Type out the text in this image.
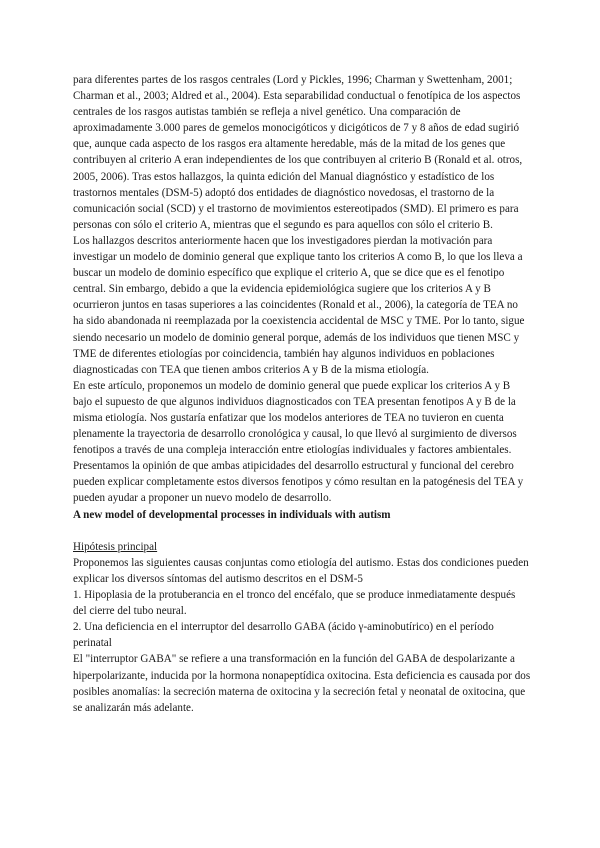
para diferentes partes de los rasgos centrales (Lord y Pickles, 1996; Charman y Swettenham, 2001; Charman et al., 2003; Aldred et al., 2004). Esta separabilidad conductual o fenotípica de los aspectos centrales de los rasgos autistas también se refleja a nivel genético. Una comparación de aproximadamente 3.000 pares de gemelos monocigóticos y dicigóticos de 7 y 8 años de edad sugirió que, aunque cada aspecto de los rasgos era altamente heredable, más de la mitad de los genes que contribuyen al criterio A eran independientes de los que contribuyen al criterio B (Ronald et al. otros, 2005, 2006). Tras estos hallazgos, la quinta edición del Manual diagnóstico y estadístico de los trastornos mentales (DSM-5) adoptó dos entidades de diagnóstico novedosas, el trastorno de la comunicación social (SCD) y el trastorno de movimientos estereotipados (SMD). El primero es para personas con sólo el criterio A, mientras que el segundo es para aquellos con sólo el criterio B.

Los hallazgos descritos anteriormente hacen que los investigadores pierdan la motivación para investigar un modelo de dominio general que explique tanto los criterios A como B, lo que los lleva a buscar un modelo de dominio específico que explique el criterio A, que se dice que es el fenotipo central. Sin embargo, debido a que la evidencia epidemiológica sugiere que los criterios A y B ocurrieron juntos en tasas superiores a las coincidentes (Ronald et al., 2006), la categoría de TEA no ha sido abandonada ni reemplazada por la coexistencia accidental de MSC y TME. Por lo tanto, sigue siendo necesario un modelo de dominio general porque, además de los individuos que tienen MSC y TME de diferentes etiologías por coincidencia, también hay algunos individuos en poblaciones diagnosticadas con TEA que tienen ambos criterios A y B de la misma etiología.

En este artículo, proponemos un modelo de dominio general que puede explicar los criterios A y B bajo el supuesto de que algunos individuos diagnosticados con TEA presentan fenotipos A y B de la misma etiología. Nos gustaría enfatizar que los modelos anteriores de TEA no tuvieron en cuenta plenamente la trayectoria de desarrollo cronológica y causal, lo que llevó al surgimiento de diversos fenotipos a través de una compleja interacción entre etiologías individuales y factores ambientales. Presentamos la opinión de que ambas atipicidades del desarrollo estructural y funcional del cerebro pueden explicar completamente estos diversos fenotipos y cómo resultan en la patogénesis del TEA y pueden ayudar a proponer un nuevo modelo de desarrollo.

A new model of developmental processes in individuals with autism

Hipótesis principal

Proponemos las siguientes causas conjuntas como etiología del autismo. Estas dos condiciones pueden explicar los diversos síntomas del autismo descritos en el DSM-5

1. Hipoplasia de la protuberancia en el tronco del encéfalo, que se produce inmediatamente después del cierre del tubo neural.

2. Una deficiencia en el interruptor del desarrollo GABA (ácido γ-aminobutírico) en el período perinatal

El "interruptor GABA" se refiere a una transformación en la función del GABA de despolarizante a hiperpolarizante, inducida por la hormona nonapeptídica oxitocina. Esta deficiencia es causada por dos posibles anomalías: la secreción materna de oxitocina y la secreción fetal y neonatal de oxitocina, que se analizarán más adelante.
